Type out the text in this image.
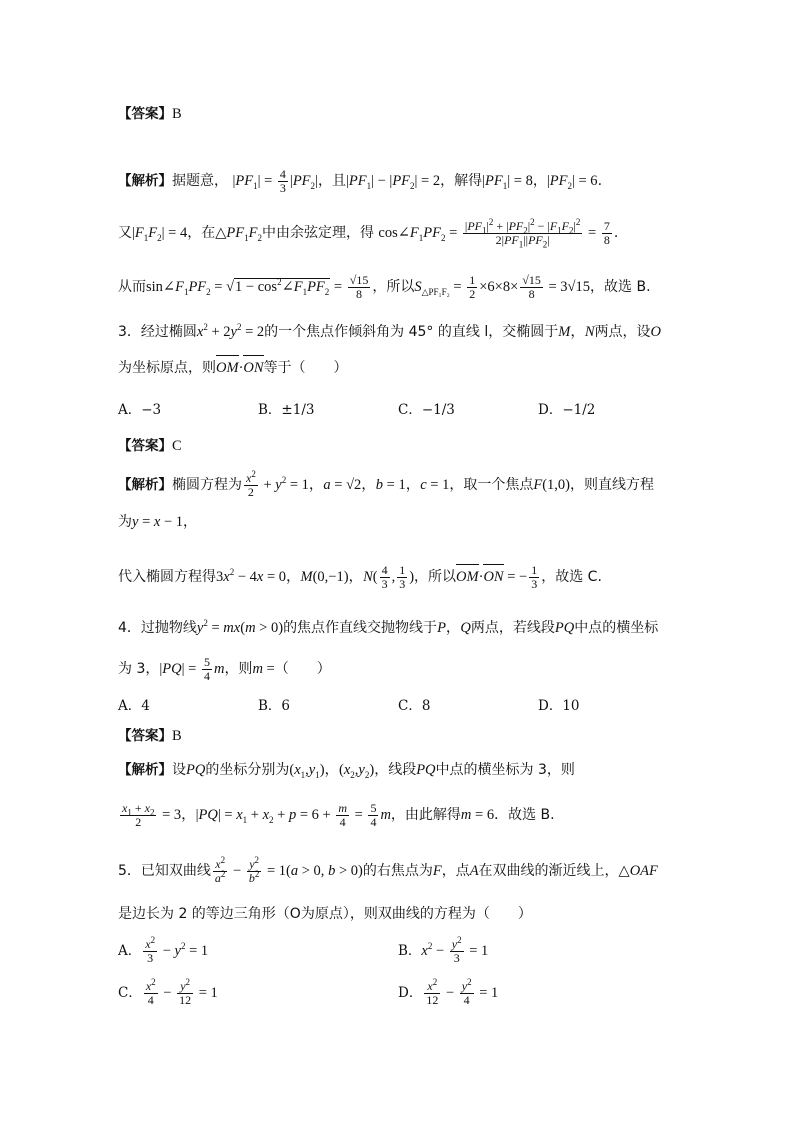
【答案】B
【解析】据题意， $|PF_1| = \frac{4}{3} |PF_2|$，且$|PF_1| - |PF_2| = 2$，解得$|PF_1| = 8$，$|PF_2| = 6$.
又$|F_1F_2| = 4$，在$\triangle PF_1F_2$中由余弦定理，得 $\cos\angle F_1PF_2 = \frac{|PF_1|^2 + |PF_2|^2 - |F_1F_2|^2}{2|PF_1||PF_2|} = \frac{7}{8}$ .
从而$\sin\angle F_1PF_2 = √1$ − $\cos^2\angle F_1PF_2 = \frac{√15}{8}$ ，所以$S_{\triangle PF_1F_2} = \frac{1}{2} \times 6\times 8\times \frac{√15}{8} = 3√15$，故选 B.
3．经过椭圆$x^2 + 2y^2 = 2$的一个焦点作倾斜角为 45° 的直线 l，交椭圆于M，N两点，设O
为坐标原点，则OM·ON等于（　　）
A．−3	B．±1/3	C．−1/3	D．−1/2
【答案】C
【解析】椭圆方程为 $\frac{x^2}{2} + y^2 = 1$，a = √2，b = 1，c = 1，取一个焦点F(1,0)，则直线方程
为y = x − 1，
代入椭圆方程得$3x^2 - 4x = 0$，M(0,−1)，$N( \frac{4}{3}$ , $\frac{1}{3}$ )，所以OM·ON = − $\frac{1}{3}$ ，故选 C.
4．过抛物线$y^2 = mx(m > 0)$的焦点作直线交抛物线于P，Q两点，若线段PQ中点的横坐标
为 3，$|PQ| = \frac{5}{4}$ m，则m =（　　）
A．4	B．6	C．8	D．10
【答案】B
【解析】设PQ的坐标分别为$(x_1,y_1)$，$(x_2,y_2)$，线段PQ中点的横坐标为 3，则
$\frac{x_1 + x_2}{2} = 3$，$|PQ| = x_1 + x_2 + p = 6 + \frac{m}{4} = \frac{5}{4}$ m，由此解得m = 6．故选 B.
5．已知双曲线 $\frac{x^2}{a^2} - \frac{y^2}{b^2} = 1(a > 0$, b > 0)的右焦点为F，点A在双曲线的渐近线上，△OAF
是边长为 2 的等边三角形（O为原点），则双曲线的方程为（　　）
A． $\frac{x^2}{3} - y^2 = 1$	B．$x^2 - \frac{y^2}{3} = 1$
C． $\frac{x^2}{4} - \frac{y^2}{12} = 1$	D． $\frac{x^2}{12} - \frac{y^2}{4} = 1$
